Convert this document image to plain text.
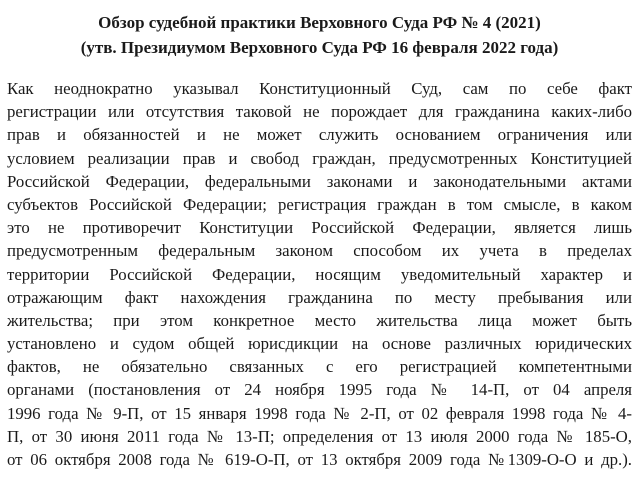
Обзор судебной практики Верховного Суда РФ № 4 (2021)
(утв. Президиумом Верховного Суда РФ 16 февраля 2022 года)
Как неоднократно указывал Конституционный Суд, сам по себе факт
регистрации или отсутствия таковой не порождает для гражданина каких-либо
прав и обязанностей и не может служить основанием ограничения или
условием реализации прав и свобод граждан, предусмотренных Конституцией
Российской Федерации, федеральными законами и законодательными актами
субъектов Российской Федерации; регистрация граждан в том смысле, в каком
это не противоречит Конституции Российской Федерации, является лишь
предусмотренным федеральным законом способом их учета в пределах
территории Российской Федерации, носящим уведомительный характер и
отражающим факт нахождения гражданина по месту пребывания или
жительства; при этом конкретное место жительства лица может быть
установлено и судом общей юрисдикции на основе различных юридических
фактов, не обязательно связанных с его регистрацией компетентными
органами (постановления от 24 ноября 1995 года № 14-П, от 04 апреля
1996 года № 9-П, от 15 января 1998 года № 2-П, от 02 февраля 1998 года № 4-
П, от 30 июня 2011 года № 13-П; определения от 13 июля 2000 года № 185-О,
от 06 октября 2008 года № 619-О-П, от 13 октября 2009 года №1309-О-О и др.).
